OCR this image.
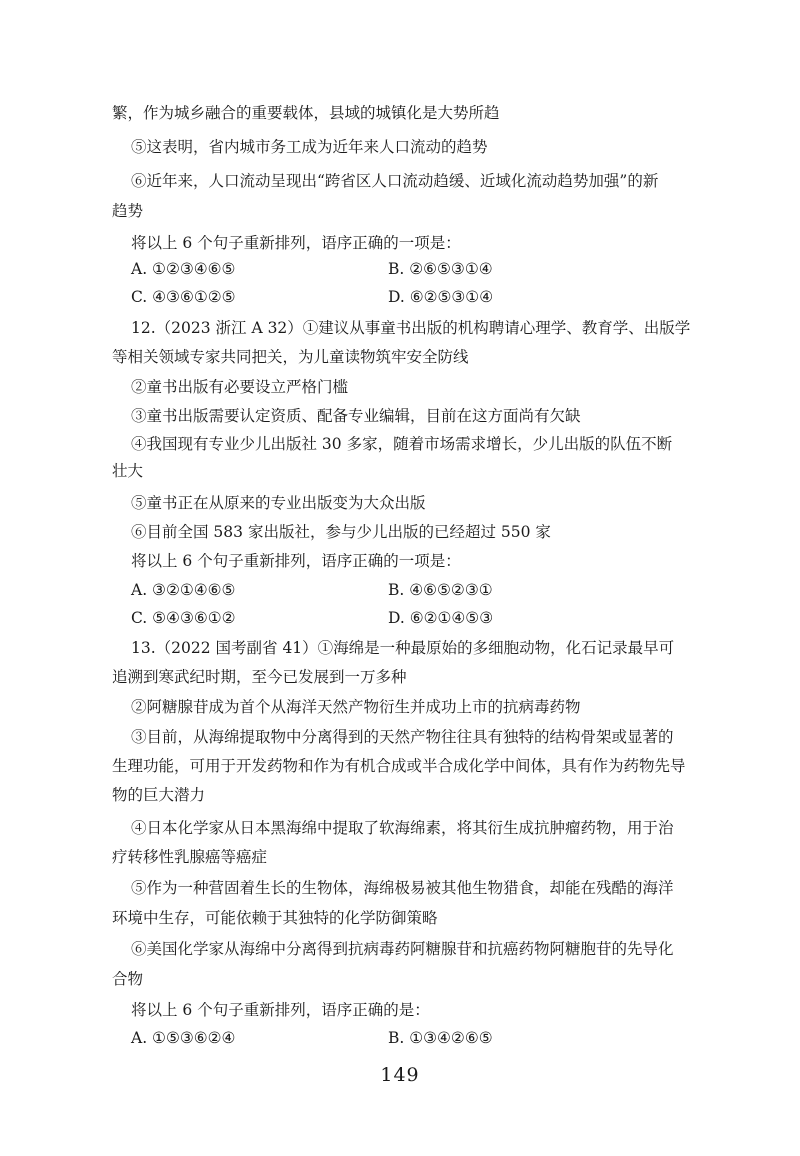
繁，作为城乡融合的重要载体，县域的城镇化是大势所趋
⑤这表明，省内城市务工成为近年来人口流动的趋势
⑥近年来，人口流动呈现出“跨省区人口流动趋缓、近域化流动趋势加强”的新
趋势
将以上 6 个句子重新排列，语序正确的一项是：
A. ①②③④⑥⑤	B. ②⑥⑤③①④
C. ④③⑥①②⑤	D. ⑥②⑤③①④
12.（2023 浙江 A 32）①建议从事童书出版的机构聘请心理学、教育学、出版学
等相关领域专家共同把关，为儿童读物筑牢安全防线
②童书出版有必要设立严格门槛
③童书出版需要认定资质、配备专业编辑，目前在这方面尚有欠缺
④我国现有专业少儿出版社 30 多家，随着市场需求增长，少儿出版的队伍不断
壮大
⑤童书正在从原来的专业出版变为大众出版
⑥目前全国 583 家出版社，参与少儿出版的已经超过 550 家
将以上 6 个句子重新排列，语序正确的一项是：
A. ③②①④⑥⑤	B. ④⑥⑤②③①
C. ⑤④③⑥①②	D. ⑥②①④⑤③
13.（2022 国考副省 41）①海绵是一种最原始的多细胞动物，化石记录最早可
追溯到寒武纪时期，至今已发展到一万多种
②阿糖腺苷成为首个从海洋天然产物衍生并成功上市的抗病毒药物
③目前，从海绵提取物中分离得到的天然产物往往具有独特的结构骨架或显著的
生理功能，可用于开发药物和作为有机合成或半合成化学中间体，具有作为药物先导
物的巨大潜力
④日本化学家从日本黑海绵中提取了软海绵素，将其衍生成抗肿瘤药物，用于治
疗转移性乳腺癌等癌症
⑤作为一种营固着生长的生物体，海绵极易被其他生物猎食，却能在残酷的海洋
环境中生存，可能依赖于其独特的化学防御策略
⑥美国化学家从海绵中分离得到抗病毒药阿糖腺苷和抗癌药物阿糖胞苷的先导化
合物
将以上 6 个句子重新排列，语序正确的是：
A. ①⑤③⑥②④	B. ①③④②⑥⑤
149
